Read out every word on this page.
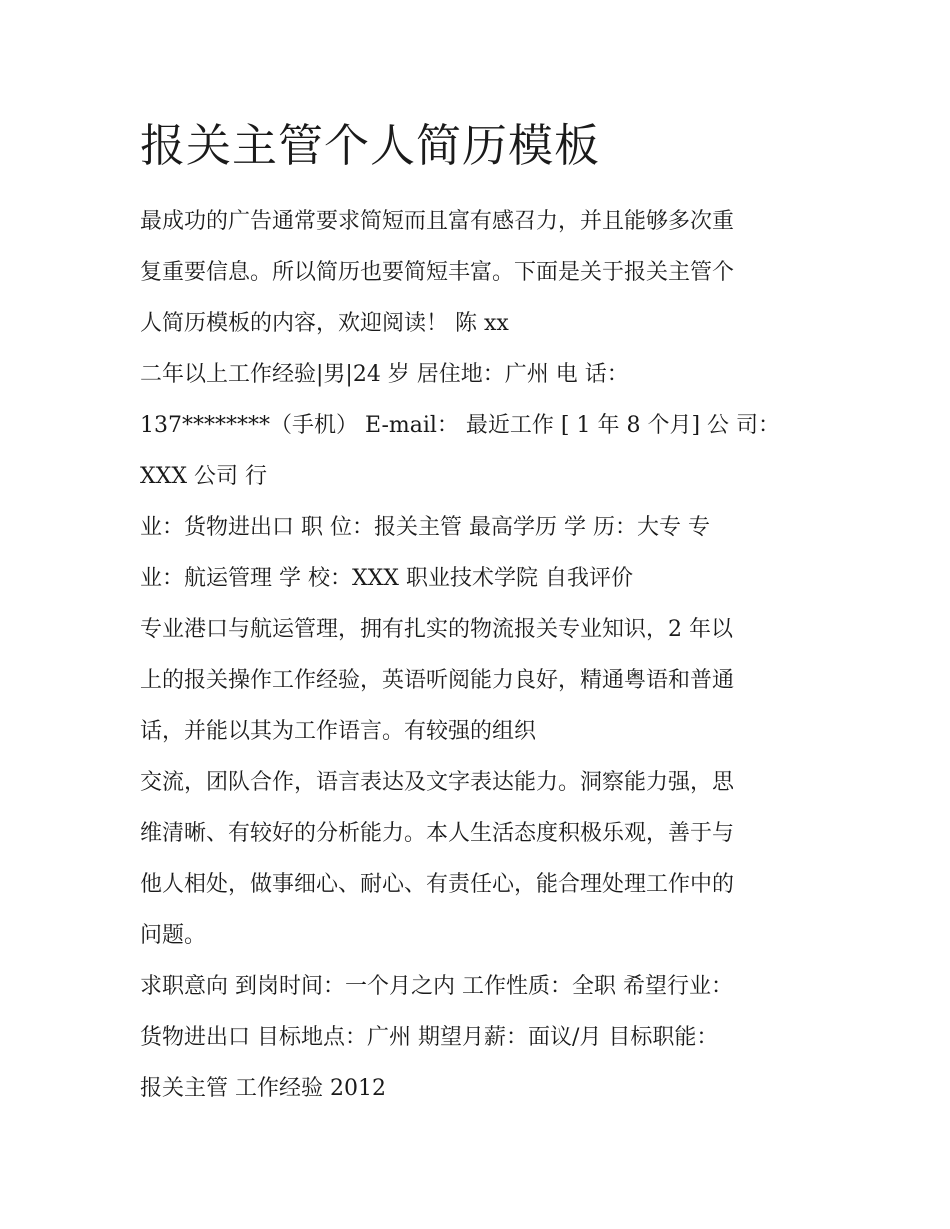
报关主管个人简历模板

最成功的广告通常要求简短而且富有感召力，并且能够多次重

复重要信息。所以简历也要简短丰富。下面是关于报关主管个

人简历模板的内容，欢迎阅读！ 陈 xx

二年以上工作经验|男|24 岁 居住地：广州 电 话：

137********（手机） E-mail： 最近工作 [ 1 年 8 个月] 公 司：

XXX 公司 行

业：货物进出口 职 位：报关主管 最高学历 学 历：大专 专

业：航运管理 学 校：XXX 职业技术学院 自我评价

专业港口与航运管理，拥有扎实的物流报关专业知识，2 年以

上的报关操作工作经验，英语听阅能力良好，精通粤语和普通

话，并能以其为工作语言。有较强的组织

交流，团队合作，语言表达及文字表达能力。洞察能力强，思

维清晰、有较好的分析能力。本人生活态度积极乐观，善于与

他人相处，做事细心、耐心、有责任心，能合理处理工作中的

问题。

求职意向 到岗时间：一个月之内 工作性质：全职 希望行业：

货物进出口 目标地点：广州 期望月薪：面议/月 目标职能：

报关主管 工作经验 2012
